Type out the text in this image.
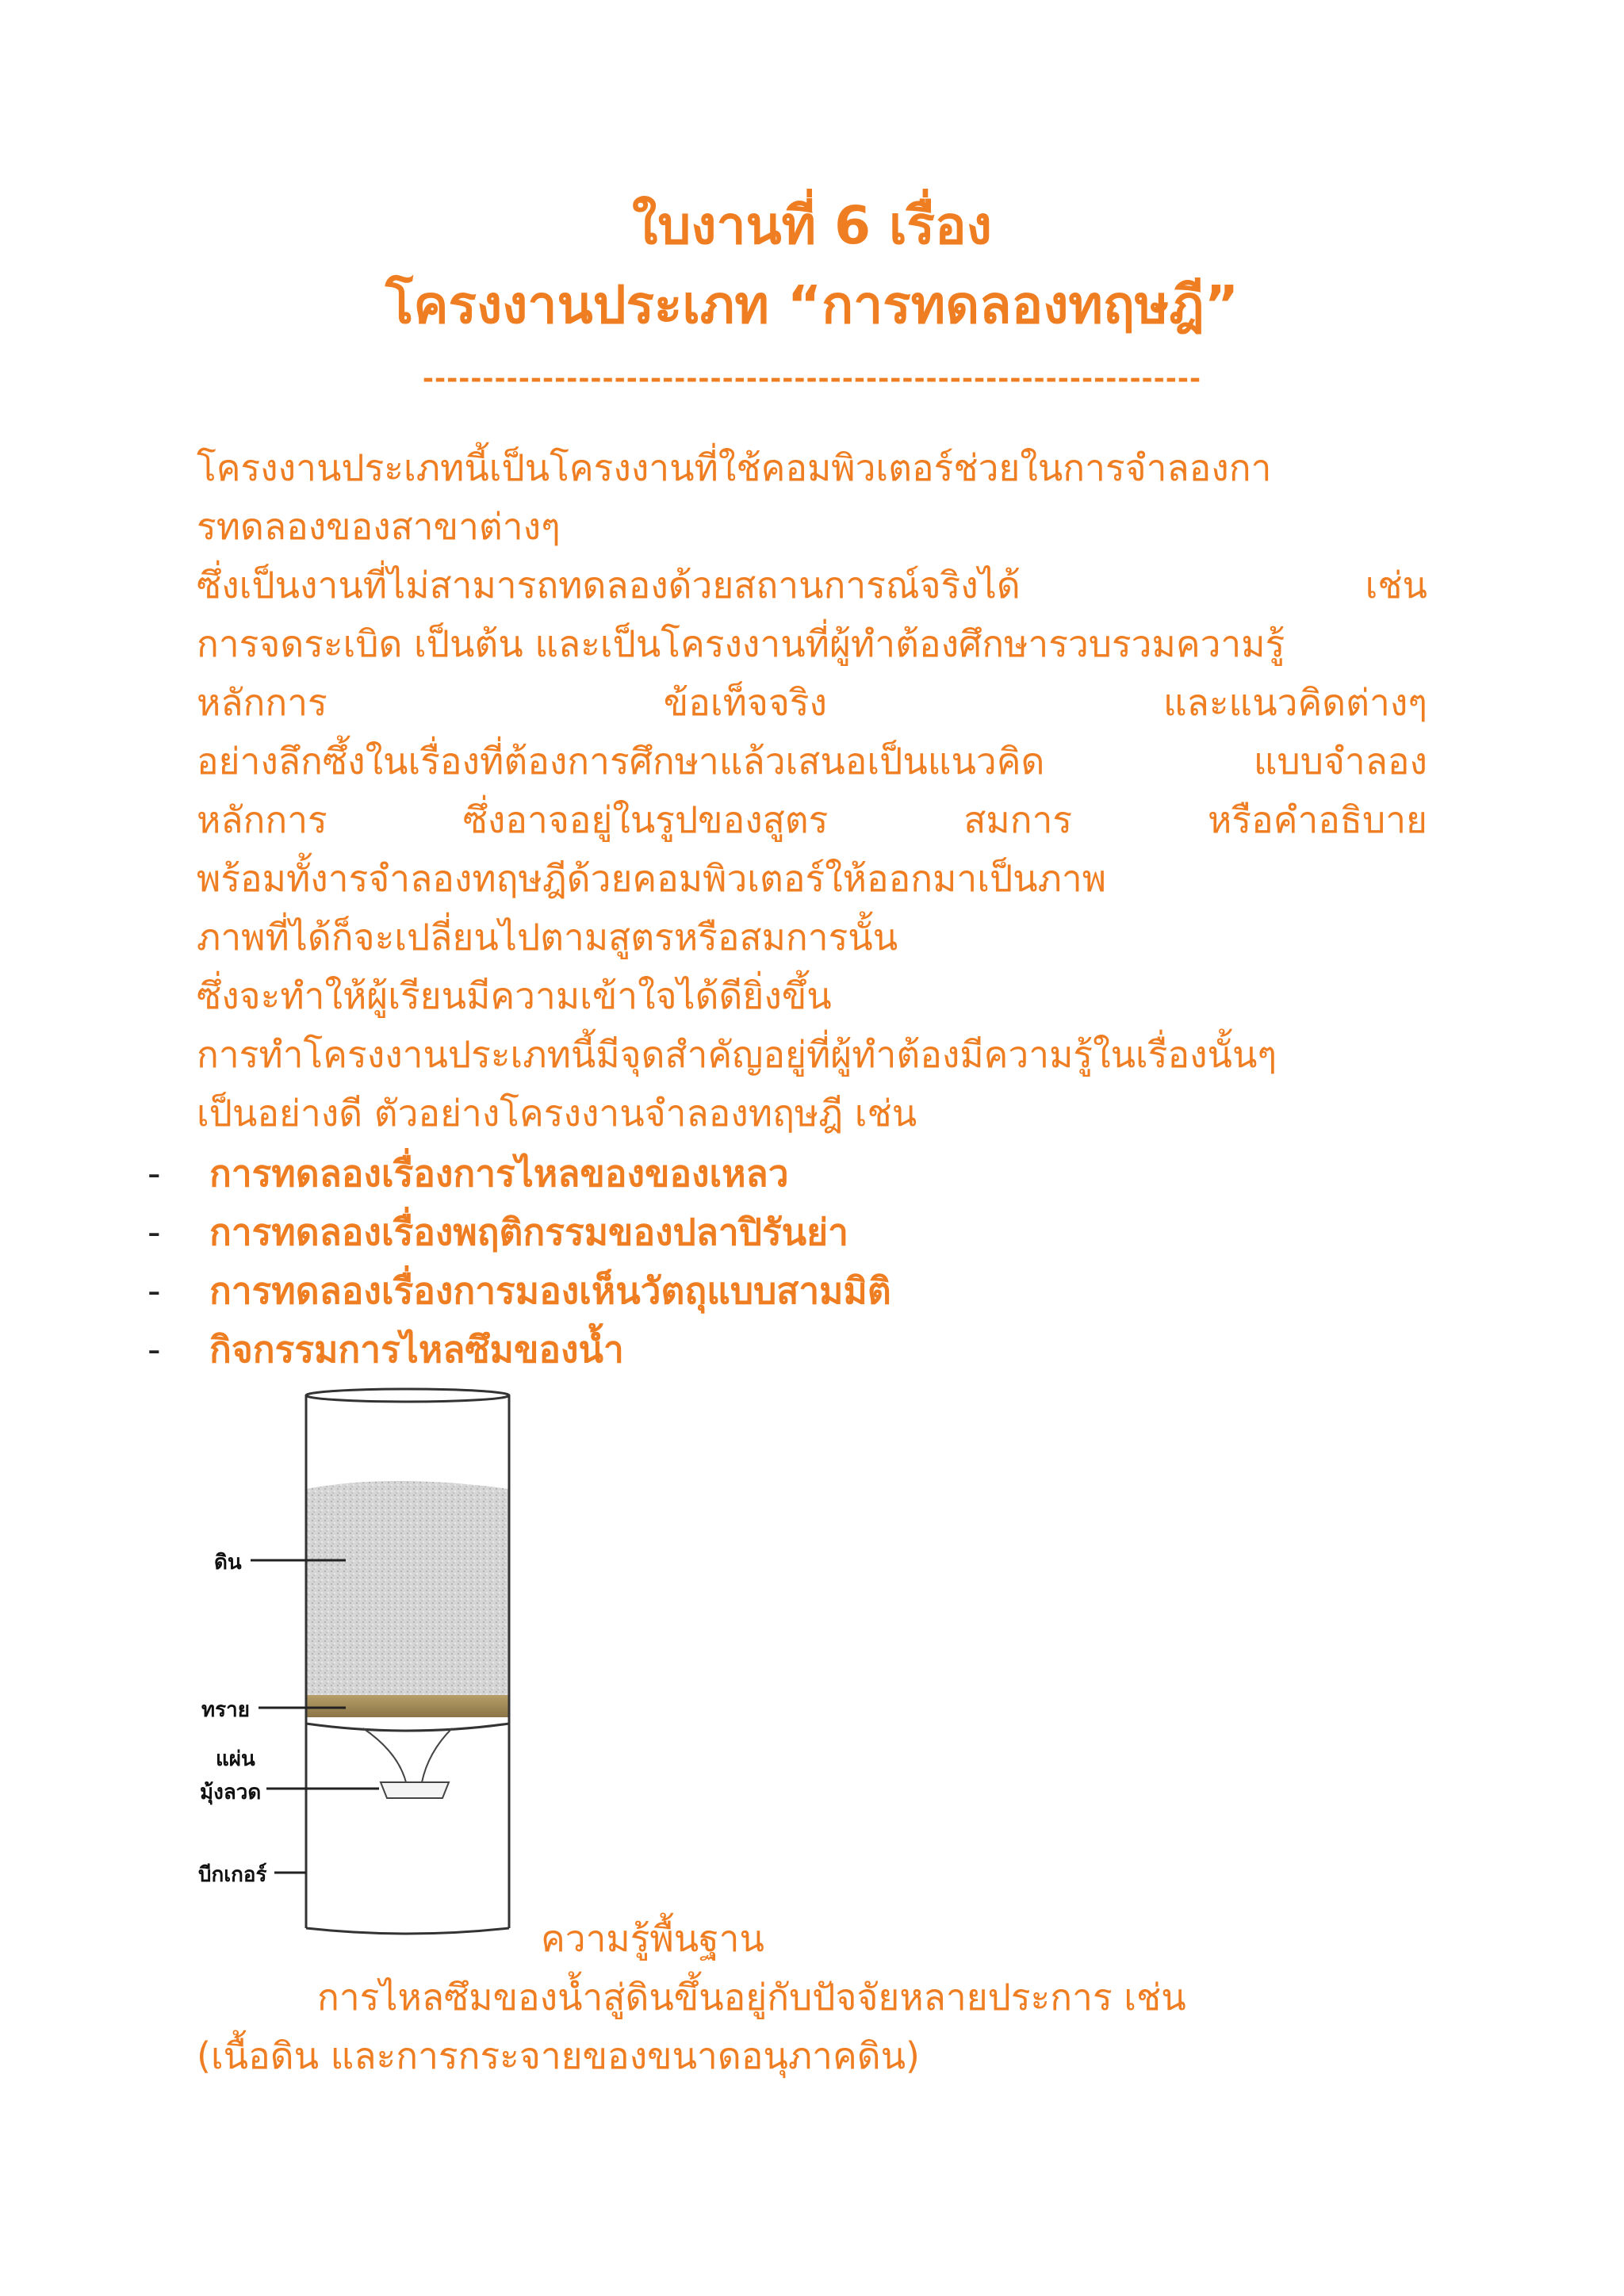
ใบงานที่ 6 เรื่อง
โครงงานประเภท “การทดลองทฤษฎี”
-----------------------------------------------------------------
โครงงานประเภทนี้เป็นโครงงานที่ใช้คอมพิวเตอร์ช่วยในการจำลองกา
รทดลองของสาขาต่างๆ
ซึ่งเป็นงานที่ไม่สามารถทดลองด้วยสถานการณ์จริงได้ เช่น
การจดระเบิด เป็นต้น และเป็นโครงงานที่ผู้ทำต้องศึกษารวบรวมความรู้
หลักการ ข้อเท็จจริง และแนวคิดต่างๆ
อย่างลึกซึ้งในเรื่องที่ต้องการศึกษาแล้วเสนอเป็นแนวคิด แบบจำลอง
หลักการ ซึ่งอาจอยู่ในรูปของสูตร สมการ หรือคำอธิบาย
พร้อมทั้งารจำลองทฤษฎีด้วยคอมพิวเตอร์ให้ออกมาเป็นภาพ
ภาพที่ได้ก็จะเปลี่ยนไปตามสูตรหรือสมการนั้น
ซึ่งจะทำให้ผู้เรียนมีความเข้าใจได้ดียิ่งขึ้น
การทำโครงงานประเภทนี้มีจุดสำคัญอยู่ที่ผู้ทำต้องมีความรู้ในเรื่องนั้นๆ
เป็นอย่างดี ตัวอย่างโครงงานจำลองทฤษฎี เช่น
- การทดลองเรื่องการไหลของของเหลว
- การทดลองเรื่องพฤติกรรมของปลาปิรันย่า
- การทดลองเรื่องการมองเห็นวัตถุแบบสามมิติ
- กิจกรรมการไหลซึมของน้ำ
ดิน
ทราย
แผ่น
มุ้งลวด
บีกเกอร์
ความรู้พื้นฐาน
การไหลซึมของน้ำสู่ดินขึ้นอยู่กับปัจจัยหลายประการ เช่น
(เนื้อดิน และการกระจายของขนาดอนุภาคดิน)
